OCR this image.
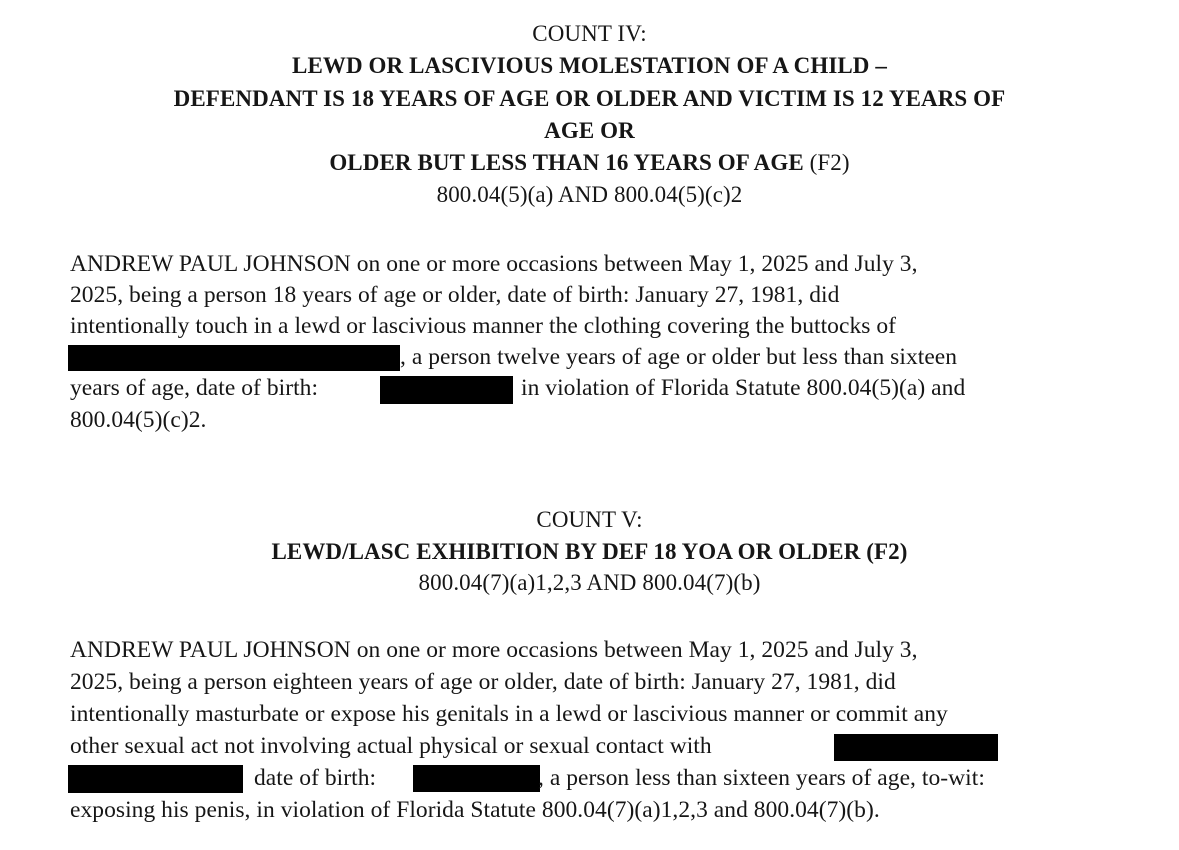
COUNT IV:
LEWD OR LASCIVIOUS MOLESTATION OF A CHILD –
DEFENDANT IS 18 YEARS OF AGE OR OLDER AND VICTIM IS 12 YEARS OF
AGE OR
OLDER BUT LESS THAN 16 YEARS OF AGE (F2)
800.04(5)(a) AND 800.04(5)(c)2
ANDREW PAUL JOHNSON on one or more occasions between May 1, 2025 and July 3,
2025, being a person 18 years of age or older, date of birth: January 27, 1981, did
intentionally touch in a lewd or lascivious manner the clothing covering the buttocks of
, a person twelve years of age or older but less than sixteen
years of age, date of birth:	in violation of Florida Statute 800.04(5)(a) and
800.04(5)(c)2.
COUNT V:
LEWD/LASC EXHIBITION BY DEF 18 YOA OR OLDER (F2)
800.04(7)(a)1,2,3 AND 800.04(7)(b)
ANDREW PAUL JOHNSON on one or more occasions between May 1, 2025 and July 3,
2025, being a person eighteen years of age or older, date of birth: January 27, 1981, did
intentionally masturbate or expose his genitals in a lewd or lascivious manner or commit any
other sexual act not involving actual physical or sexual contact with
date of birth:	, a person less than sixteen years of age, to-wit:
exposing his penis, in violation of Florida Statute 800.04(7)(a)1,2,3 and 800.04(7)(b).
